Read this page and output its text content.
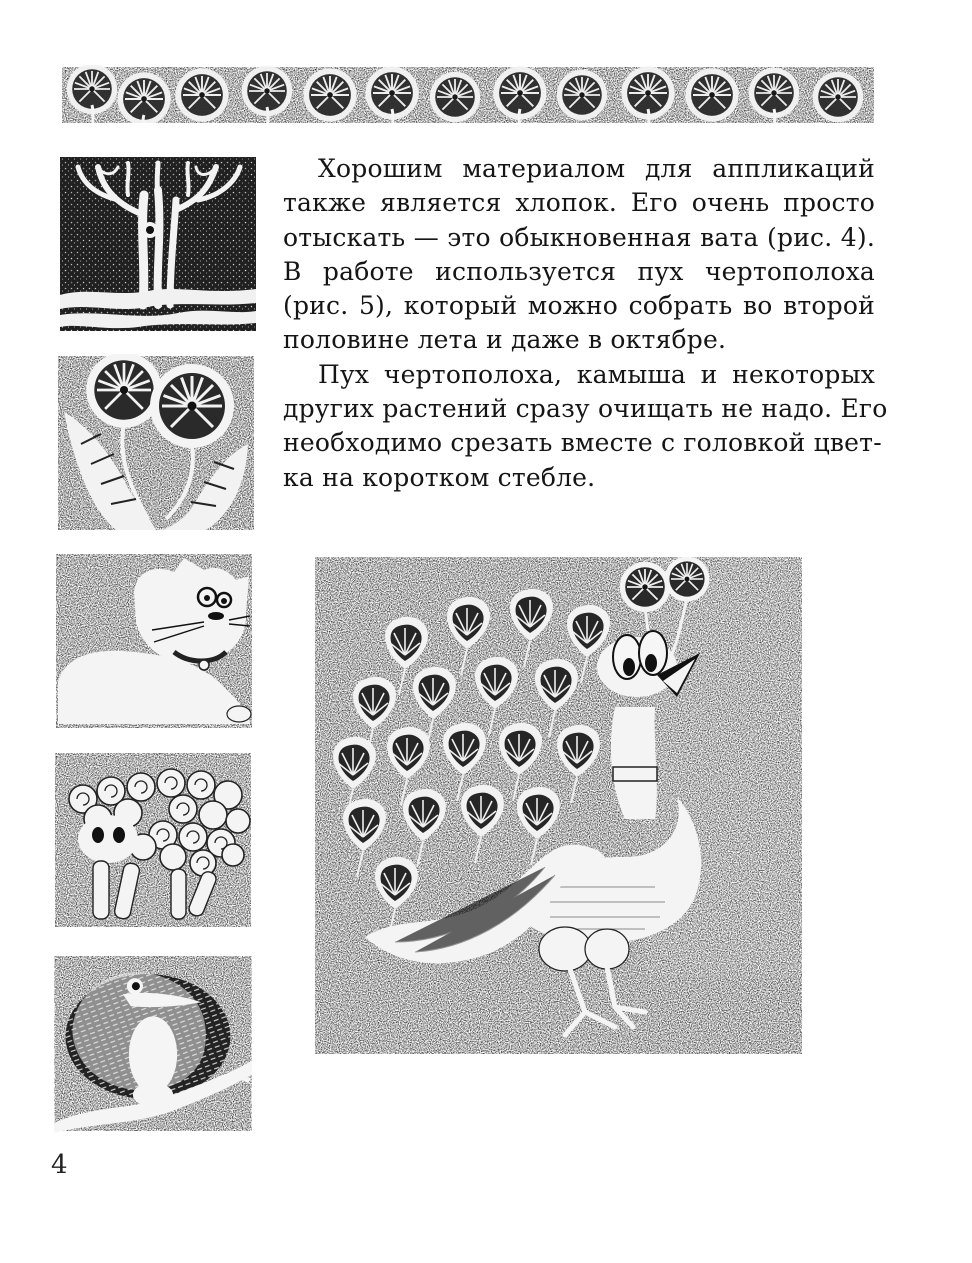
Хорошим материалом для аппликаций
также является хлопок. Его очень просто
отыскать — это обыкновенная вата (рис. 4).
В работе используется пух чертополоха
(рис. 5), который можно собрать во второй
половине лета и даже в октябре.

Пух чертополоха, камыша и некоторых
других растений сразу очищать не надо. Его
необходимо срезать вместе с головкой цвет-
ка на коротком стебле.

4
